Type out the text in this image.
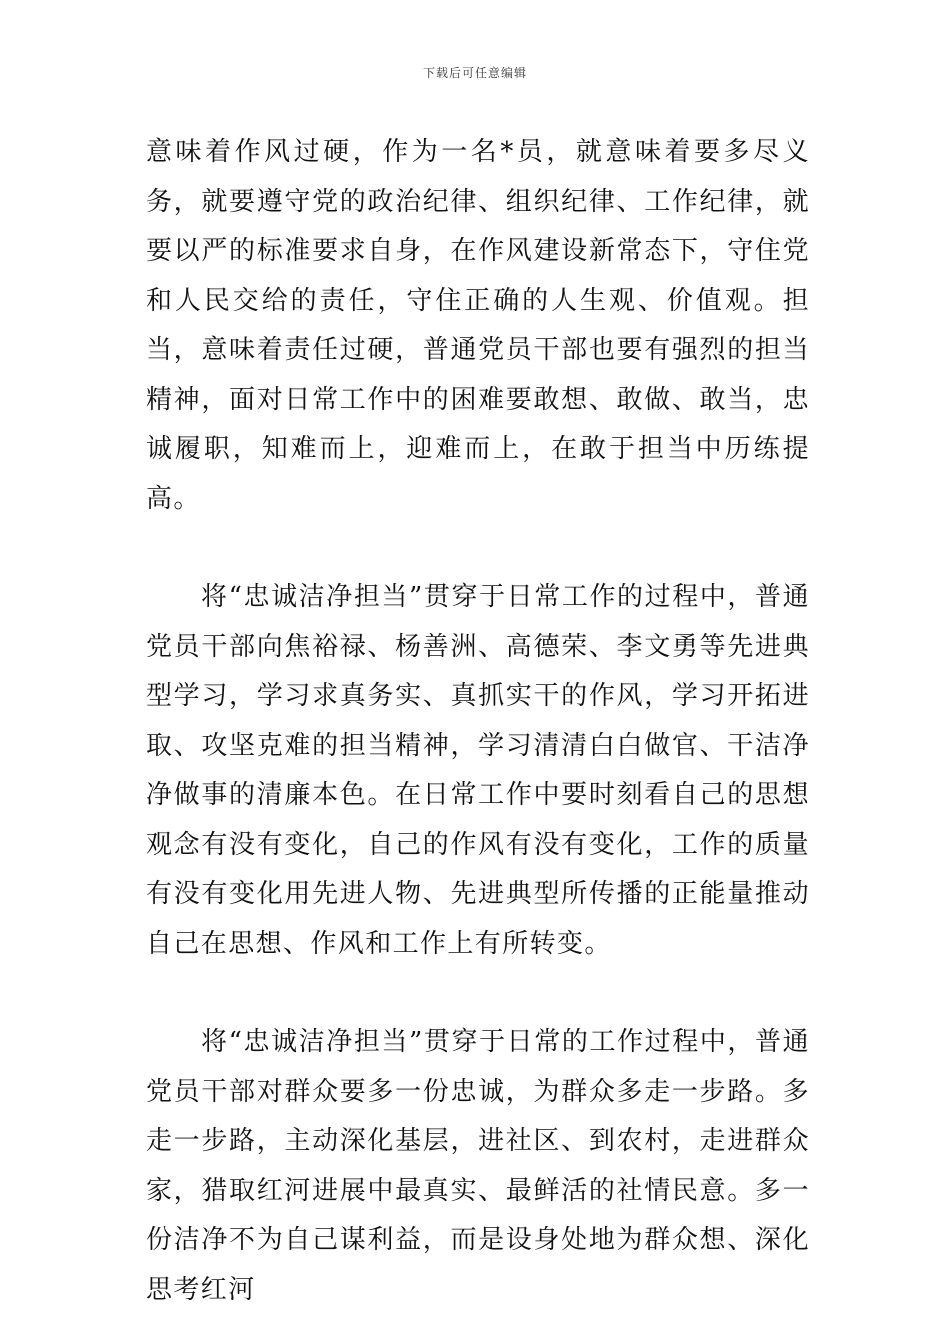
下载后可任意编辑

意味着作风过硬，作为一名*员，就意味着要多尽义务，就要遵守党的政治纪律、组织纪律、工作纪律，就要以严的标准要求自身，在作风建设新常态下，守住党和人民交给的责任，守住正确的人生观、价值观。担当，意味着责任过硬，普通党员干部也要有强烈的担当精神，面对日常工作中的困难要敢想、敢做、敢当，忠诚履职，知难而上，迎难而上，在敢于担当中历练提高。

将“忠诚洁净担当”贯穿于日常工作的过程中，普通党员干部向焦裕禄、杨善洲、高德荣、李文勇等先进典型学习，学习求真务实、真抓实干的作风，学习开拓进取、攻坚克难的担当精神，学习清清白白做官、干洁净净做事的清廉本色。在日常工作中要时刻看自己的思想观念有没有变化，自己的作风有没有变化，工作的质量有没有变化用先进人物、先进典型所传播的正能量推动自己在思想、作风和工作上有所转变。

将“忠诚洁净担当”贯穿于日常的工作过程中，普通党员干部对群众要多一份忠诚，为群众多走一步路。多走一步路，主动深化基层，进社区、到农村，走进群众家，猎取红河进展中最真实、最鲜活的社情民意。多一份洁净不为自己谋利益，而是设身处地为群众想、深化思考红河
